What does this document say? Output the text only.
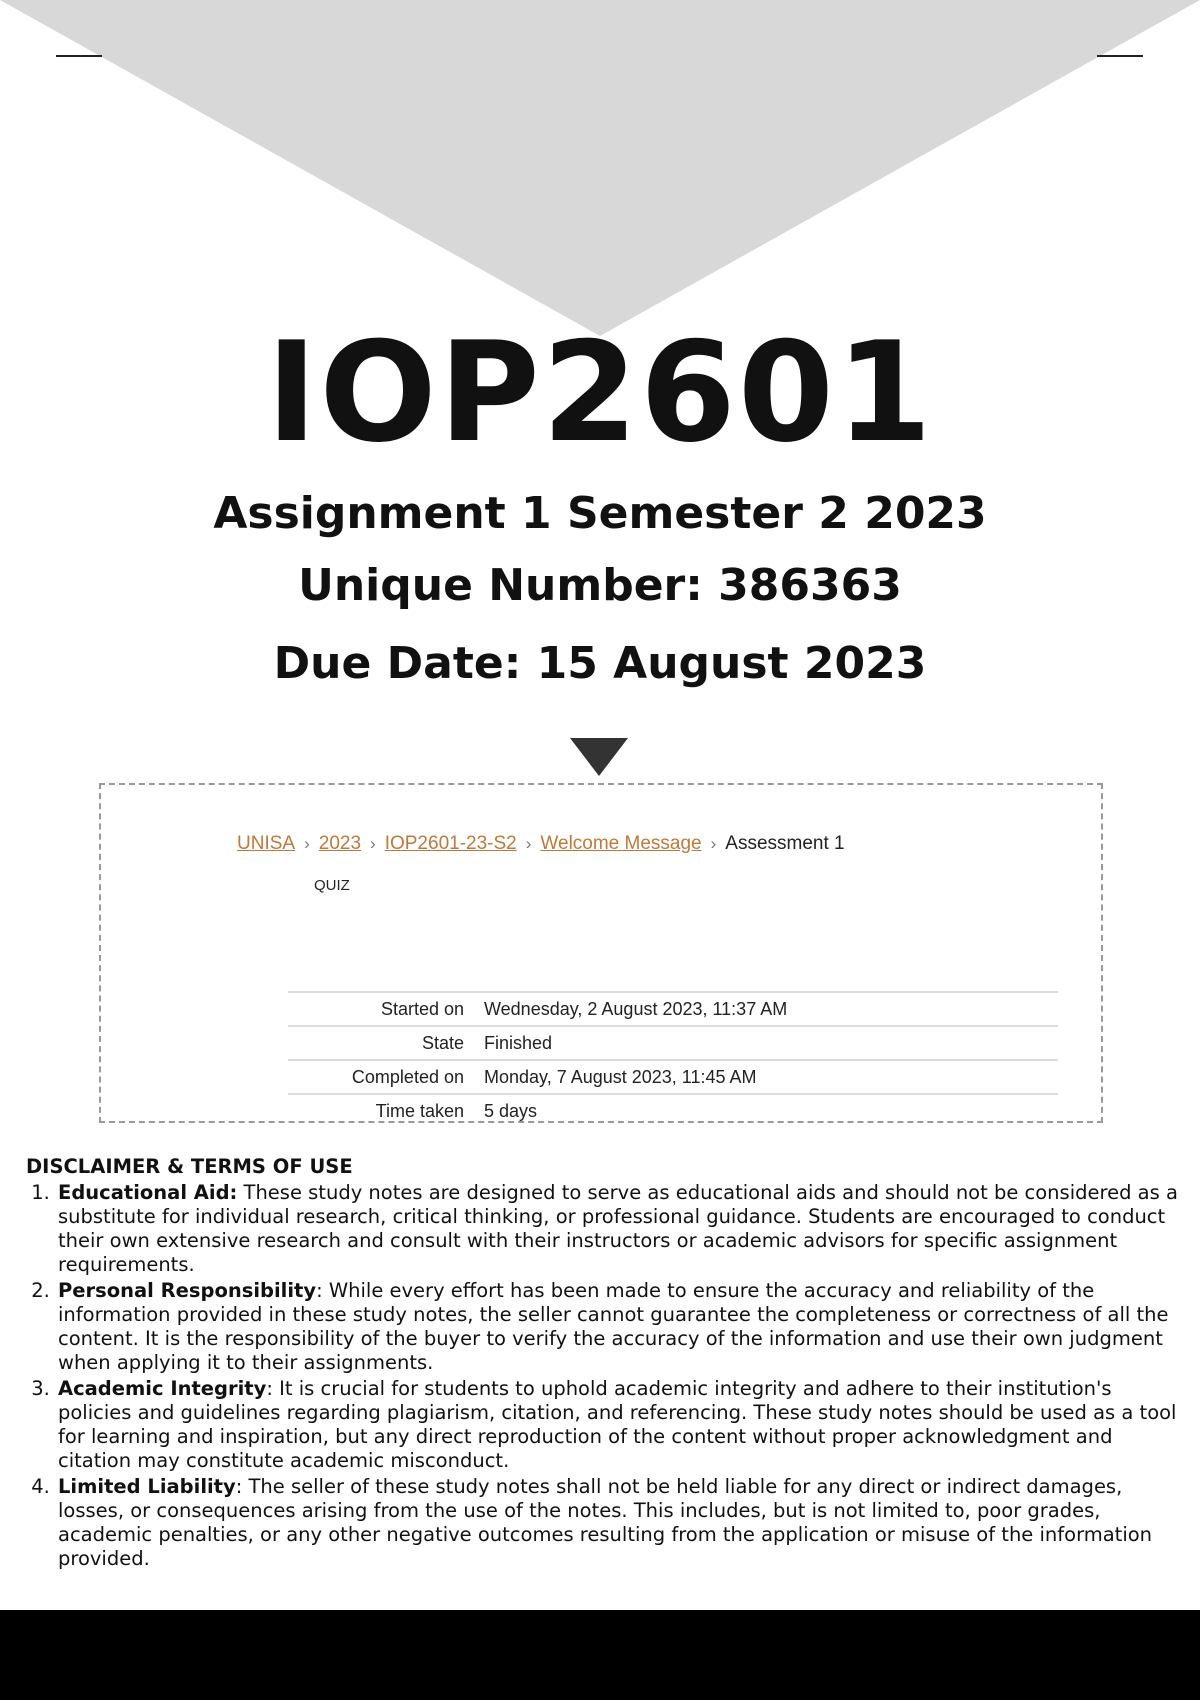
IOP2601

Assignment 1 Semester 2 2023

Unique Number: 386363

Due Date: 15 August 2023

UNISA › 2023 › IOP2601-23-S2 › Welcome Message › Assessment 1
QUIZ
Started on	Wednesday, 2 August 2023, 11:37 AM
State	Finished
Completed on	Monday, 7 August 2023, 11:45 AM
Time taken	5 days
DISCLAIMER & TERMS OF USE
1. Educational Aid: These study notes are designed to serve as educational aids and should not be considered as a substitute for individual research, critical thinking, or professional guidance. Students are encouraged to conduct their own extensive research and consult with their instructors or academic advisors for specific assignment requirements.
2. Personal Responsibility: While every effort has been made to ensure the accuracy and reliability of the information provided in these study notes, the seller cannot guarantee the completeness or correctness of all the content. It is the responsibility of the buyer to verify the accuracy of the information and use their own judgment when applying it to their assignments.
3. Academic Integrity: It is crucial for students to uphold academic integrity and adhere to their institution's policies and guidelines regarding plagiarism, citation, and referencing. These study notes should be used as a tool for learning and inspiration, but any direct reproduction of the content without proper acknowledgment and citation may constitute academic misconduct.
4. Limited Liability: The seller of these study notes shall not be held liable for any direct or indirect damages, losses, or consequences arising from the use of the notes. This includes, but is not limited to, poor grades, academic penalties, or any other negative outcomes resulting from the application or misuse of the information provided.
